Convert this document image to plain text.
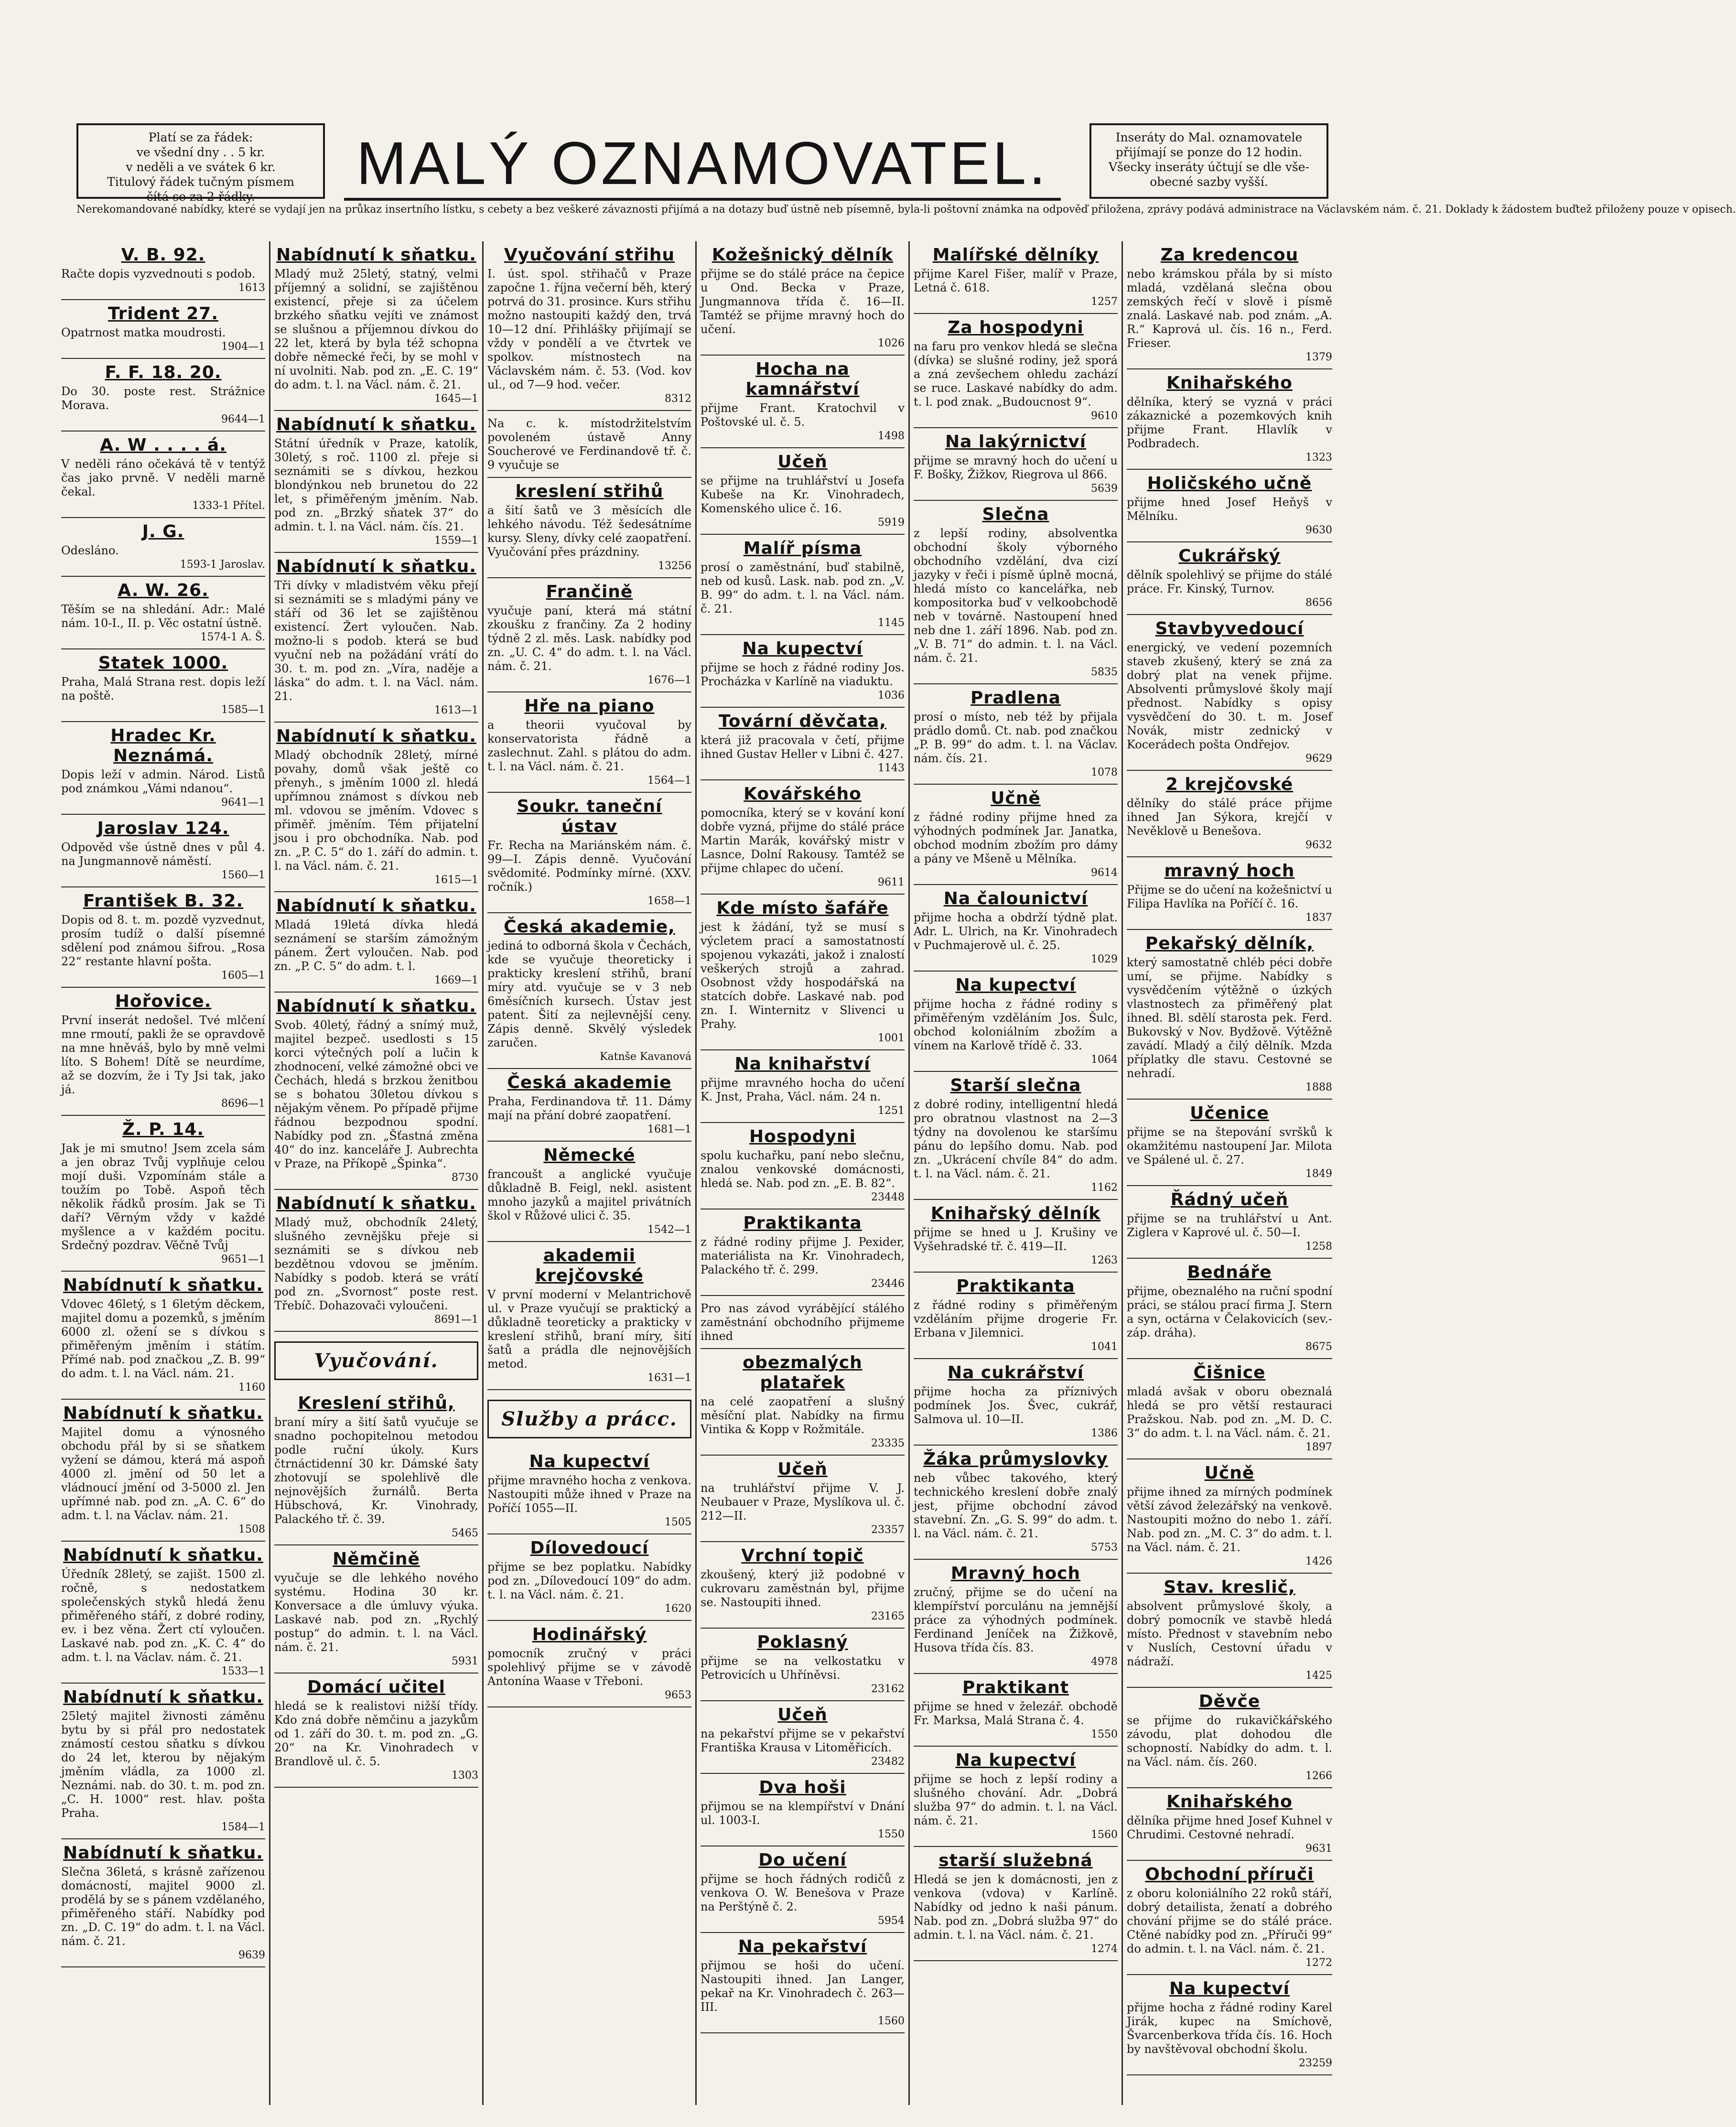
Platí se za řádek:
ve všední dny . . 5 kr.
v neděli a ve svátek 6 kr.
Titulový řádek tučným písmem
čítá se za 2 řádky.	MALÝ OZNAMOVATEL.	Inseráty do Mal. oznamovatele
přijímají se ponze do 12 hodin.
Všecky inseráty účtují se dle vše-
obecné sazby vyšší.
Nerekomandované nabídky, které se vydají jen na průkaz insertního lístku, s cebety a bez veškeré závaznosti přijímá a na dotazy buď ústně neb písemně, byla-li poštovní známka na odpověď přiložena, zprávy podává administrace na Václavském nám. č. 21. Doklady k žádostem buďtež přiloženy pouze v opisech.
V. B. 92.
Račte dopis vyzvednouti s podob.
1613
Trident 27.
Opatrnost matka moudrosti.
1904—1
F. F. 18. 20.
Do 30. poste rest. Strážnice Morava.
9644—1
A. W . . . . á.
V neděli ráno očekává tě v tentýž čas jako prvně. V neděli marně čekal.
1333-1 Přítel.
J. G.
Odesláno.
1593-1 Jaroslav.
A. W. 26.
Těším se na shledání. Adr.: Malé nám. 10-I., II. p. Věc ostatní ústně.
1574-1 A. Š.
Statek 1000.
Praha, Malá Strana rest. dopis leží na poště.
1585—1
Hradec Kr. Neznámá.
Dopis leží v admin. Národ. Listů pod známkou „Vámi ndanou“.
9641—1
Jaroslav 124.
Odpověd vše ústně dnes v půl 4. na Jungmannově náměstí.
1560—1
František B. 32.
Dopis od 8. t. m. pozdě vyzvednut, prosím tudíž o další písemné sdělení pod známou šifrou. „Rosa 22“ restante hlavní pošta.
1605—1
Hořovice.
První inserát nedošel. Tvé mlčení mne rmoutí, pakli že se opravdově na mne hněváš, bylo by mně velmi líto. S Bohem! Dítě se neurdíme, až se dozvím, že i Ty Jsi tak, jako já.
8696—1
Ž. P. 14.
Jak je mi smutno! Jsem zcela sám a jen obraz Tvůj vyplňuje celou mojí duši. Vzpomínám stále a toužím po Tobě. Aspoň těch několik řádků prosím. Jak se Ti daří? Věrným vždy v každé myšlence a v každém pocitu. Srdečný pozdrav. Věčně Tvůj
9651—1
Nabídnutí k sňatku.
Vdovec 46letý, s 1 6letým děckem, majitel domu a pozemků, s jměním 6000 zl. ožení se s dívkou s přiměřeným jměním i státím. Přímé nab. pod značkou „Z. B. 99“ do adm. t. l. na Václ. nám. 21.
1160
Nabídnutí k sňatku.
Majitel domu a výnosného obchodu přál by si se sňatkem vyžení se dámou, která má aspoň 4000 zl. jmění od 50 let a vládnoucí jmění od 3-5000 zl. Jen upřímné nab. pod zn. „A. C. 6“ do adm. t. l. na Václav. nám. 21.
1508
Nabídnutí k sňatku.
Úředník 28letý, se zajišt. 1500 zl. ročně, s nedostatkem společenských styků hledá ženu přiměřeného stáří, z dobré rodiny, ev. i bez věna. Žert ctí vyloučen. Laskavé nab. pod zn. „K. C. 4“ do adm. t. l. na Václav. nám. č. 21.
1533—1
Nabídnutí k sňatku.
25letý majitel živnosti záměnu bytu by si přál pro nedostatek známostí cestou sňatku s dívkou do 24 let, kterou by nějakým jměním vládla, za 1000 zl. Neznámi. nab. do 30. t. m. pod zn. „C. H. 1000“ rest. hlav. pošta Praha.
1584—1
Nabídnutí k sňatku.
Slečna 36letá, s krásně zařízenou domácností, majitel 9000 zl. prodělá by se s pánem vzdělaného, přiměřeného stáří. Nabídky pod zn. „D. C. 19“ do adm. t. l. na Václ. nám. č. 21.
9639
Nabídnutí k sňatku.
Mladý muž 25letý, statný, velmi příjemný a solidní, se zajištěnou existencí, přeje si za účelem brzkého sňatku vejíti ve známost se slušnou a příjemnou dívkou do 22 let, která by byla též schopna dobře německé řeči, by se mohl v ní uvolniti. Nab. pod zn. „E. C. 19“ do adm. t. l. na Václ. nám. č. 21.
1645—1
Nabídnutí k sňatku.
Státní úředník v Praze, katolík, 30letý, s roč. 1100 zl. přeje si seznámiti se s dívkou, hezkou blondýnkou neb brunetou do 22 let, s přiměřeným jměním. Nab. pod zn. „Brzký sňatek 37“ do admin. t. l. na Václ. nám. čís. 21.
1559—1
Nabídnutí k sňatku.
Tři dívky v mladistvém věku přejí si seznámiti se s mladými pány ve stáří od 36 let se zajištěnou existencí. Žert vyloučen. Nab. možno-li s podob. která se bud vyuční neb na požádání vrátí do 30. t. m. pod zn. „Víra, naděje a láska“ do adm. t. l. na Václ. nám. 21.
1613—1
Nabídnutí k sňatku.
Mladý obchodník 28letý, mírné povahy, domů však ještě co přenyh., s jměním 1000 zl. hledá upřímnou známost s dívkou neb ml. vdovou se jměním. Vdovec s přiměř. jměním. Tém přijatelní jsou i pro obchodníka. Nab. pod zn. „P. C. 5“ do 1. září do admin. t. l. na Václ. nám. č. 21.
1615—1
Nabídnutí k sňatku.
Mladá 19letá dívka hledá seznámení se starším zámožným pánem. Žert vyloučen. Nab. pod zn. „P. C. 5“ do adm. t. l.
1669—1
Nabídnutí k sňatku.
Svob. 40letý, řádný a snímý muž, majitel bezpeč. usedlosti s 15 korci výtečných polí a lučin k zhodnocení, velké zámožné obci ve Čechách, hledá s brzkou ženitbou se s bohatou 30letou dívkou s nějakým věnem. Po případě přijme řádnou bezpodnou spodní. Nabídky pod zn. „Šťastná změna 40“ do inz. kanceláře J. Aubrechta v Praze, na Příkopě „Špinka“.
8730
Nabídnutí k sňatku.
Mladý muž, obchodník 24letý, slušného zevnějšku přeje si seznámiti se s dívkou neb bezdětnou vdovou se jměním. Nabídky s podob. která se vrátí pod zn. „Svornost“ poste rest. Třebíč. Dohazovači vyloučeni.
8691—1
Vyučování.
Kreslení střihů,
braní míry a šití šatů vyučuje se snadno pochopitelnou metodou podle ruční úkoly. Kurs čtrnáctidenní 30 kr. Dámské šaty zhotovují se spolehlivě dle nejnovějších žurnálů. Berta Hübschová, Kr. Vinohrady, Palackého tř. č. 39.
5465
Němčině
vyučuje se dle lehkého nového systému. Hodina 30 kr. Konversace a dle úmluvy výuka. Laskavé nab. pod zn. „Rychlý postup“ do admin. t. l. na Václ. nám. č. 21.
5931
Domácí učitel
hledá se k realistovi nižší třídy. Kdo zná dobře němčinu a jazykům od 1. září do 30. t. m. pod zn. „G. 20“ na Kr. Vinohradech v Brandlově ul. č. 5.
1303
Vyučování střihu
I. úst. spol. střihačů v Praze započne 1. října večerní běh, který potrvá do 31. prosince. Kurs střihu možno nastoupiti každý den, trvá 10—12 dní. Přihlášky přijímají se vždy v pondělí a ve čtvrtek ve spolkov. místnostech na Václavském nám. č. 53. (Vod. kov ul., od 7—9 hod. večer.
8312
Na c. k. místodržitelstvím povoleném ústavě Anny Soucherové ve Ferdinandově tř. č. 9 vyučuje se
kreslení střihů
a šití šatů ve 3 měsících dle lehkého návodu. Též šedesátníme kursy. Sleny, dívky celé zaopatření. Vyučování přes prázdniny.
13256
Frančině
vyučuje paní, která má státní zkoušku z frančiny. Za 2 hodiny týdně 2 zl. měs. Lask. nabídky pod zn. „U. C. 4“ do adm. t. l. na Václ. nám. č. 21.
1676—1
Hře na piano
a theorii vyučoval by konservatorista řádně a zaslechnut. Zahl. s plátou do adm. t. l. na Václ. nám. č. 21.
1564—1
Soukr. taneční ústav
Fr. Recha na Mariánském nám. č. 99—I. Zápis denně. Vyučování svědomité. Podmínky mírné. (XXV. ročník.)
1658—1
Česká akademie,
jediná to odborná škola v Čechách, kde se vyučuje theoreticky i prakticky kreslení střihů, braní míry atd. vyučuje se v 3 neb 6měsíčních kursech. Ústav jest patent. Šití za nejlevnější ceny. Zápis denně. Skvělý výsledek zaručen.
Katnše Kavanová
Česká akademie
Praha, Ferdinandova tř. 11. Dámy mají na přání dobré zaopatření.
1681—1
Německé
francoušt a anglické vyučuje důkladně B. Feigl, nekl. asistent mnoho jazyků a majitel privátních škol v Růžové ulici č. 35.
1542—1
akademii krejčovské
V první moderní v Melantrichově ul. v Praze vyučují se praktický a důkladně teoreticky a prakticky v kreslení střihů, braní míry, šití šatů a prádla dle nejnovějších metod.
1631—1
Služby a prácc.
Na kupectví
přijme mravného hocha z venkova. Nastoupiti může ihned v Praze na Poříčí 1055—II.
1505
Dílovedoucí
přijme se bez poplatku. Nabídky pod zn. „Dílovedoucí 109“ do adm. t. l. na Václ. nám. č. 21.
1620
Hodinářský
pomocník zručný v práci spolehlivý přijme se v závodě Antonína Waase v Třeboni.
9653
Kožešnický dělník
přijme se do stálé práce na čepice u Ond. Becka v Praze, Jungmannova třída č. 16—II. Tamtéž se přijme mravný hoch do učení.
1026
Hocha na kamnářství
přijme Frant. Kratochvil v Poštovské ul. č. 5.
1498
Učeň
se přijme na truhlářství u Josefa Kubeše na Kr. Vinohradech, Komenského ulice č. 16.
5919
Malíř písma
prosí o zaměstnání, buď stabilně, neb od kusů. Lask. nab. pod zn. „V. B. 99“ do adm. t. l. na Václ. nám. č. 21.
1145
Na kupectví
přijme se hoch z řádné rodiny Jos. Procházka v Karlíně na viaduktu.
1036
Tovární děvčata,
která již pracovala v četí, přijme ihned Gustav Heller v Libni č. 427.
1143
Kovářského
pomocníka, který se v kování koní dobře vyzná, přijme do stálé práce Martin Marák, kovářský mistr v Lasnce, Dolní Rakousy. Tamtéž se přijme chlapec do učení.
9611
Kde místo šafáře
jest k žádání, tyž se musí s výcletem prací a samostatností spojenou vykazáti, jakož i znalostí veškerých strojů a zahrad. Osobnost vždy hospodářská na statcích dobře. Laskavé nab. pod zn. I. Winternitz v Slivenci u Prahy.
1001
Na knihařství
přijme mravného hocha do učení K. Jnst, Praha, Václ. nám. 24 n.
1251
Hospodyni
spolu kuchařku, paní nebo slečnu, znalou venkovské domácnosti, hledá se. Nab. pod zn. „E. B. 82“.
23448
Praktikanta
z řádné rodiny přijme J. Pexider, materiálista na Kr. Vinohradech, Palackého tř. č. 299.
23446
Pro nas závod vyrábějící stálého zaměstnání obchodního přijmeme ihned
obezmalých platařek
na celé zaopatření a slušný měsíční plat. Nabídky na firmu Vintika & Kopp v Rožmitále.
23335
Učeň
na truhlářství přijme V. J. Neubauer v Praze, Myslíkova ul. č. 212—II.
23357
Vrchní topič
zkoušený, který již podobné v cukrovaru zaměstnán byl, přijme se. Nastoupiti ihned.
23165
Poklasný
přijme se na velkostatku v Petrovicích u Uhříněvsi.
23162
Učeň
na pekařství přijme se v pekařství Františka Krausa v Litoměřicích.
23482
Dva hoši
přijmou se na klempířství v Dnání ul. 1003-I.
1550
Do učení
přijme se hoch řádných rodičů z venkova O. W. Benešova v Praze na Perštýně č. 2.
5954
Na pekařství
přijmou se hoši do učení. Nastoupiti ihned. Jan Langer, pekař na Kr. Vinohradech č. 263—III.
1560
Malířské dělníky
přijme Karel Fišer, malíř v Praze, Letná č. 618.
1257
Za hospodyni
na faru pro venkov hledá se slečna (dívka) se slušné rodiny, jež sporá a zná zevšechem ohledu zachází se ruce. Laskavé nabídky do adm. t. l. pod znak. „Budoucnost 9“.
9610
Na lakýrnictví
přijme se mravný hoch do učení u F. Bošky, Žižkov, Riegrova ul 866.
5639
Slečna
z lepší rodiny, absolventka obchodní školy výborného obchodního vzdělání, dva cizí jazyky v řeči i písmě úplně mocná, hledá místo co kancelářka, neb kompositorka buď v velkoobchodě neb v továrně. Nastoupení hned neb dne 1. září 1896. Nab. pod zn. „V. B. 71“ do admin. t. l. na Václ. nám. č. 21.
5835
Pradlena
prosí o místo, neb též by přijala prádlo domů. Ct. nab. pod značkou „P. B. 99“ do adm. t. l. na Václav. nám. čís. 21.
1078
Učně
z řádné rodiny přijme hned za výhodných podmínek Jar. Janatka, obchod modním zbožím pro dámy a pány ve Mšeně u Mělníka.
9614
Na čalounictví
přijme hocha a obdrží týdně plat. Adr. L. Ulrich, na Kr. Vinohradech v Puchmajerově ul. č. 25.
1029
Na kupectví
přijme hocha z řádné rodiny s přiměřeným vzděláním Jos. Šulc, obchod koloniálním zbožím a vínem na Karlově třídě č. 33.
1064
Starší slečna
z dobré rodiny, intelligentní hledá pro obratnou vlastnost na 2—3 týdny na dovolenou ke staršímu pánu do lepšího domu. Nab. pod zn. „Ukrácení chvíle 84“ do adm. t. l. na Václ. nám. č. 21.
1162
Knihařský dělník
přijme se hned u J. Krušiny ve Vyšehradské tř. č. 419—II.
1263
Praktikanta
z řádné rodiny s přiměřeným vzděláním přijme drogerie Fr. Erbana v Jilemnici.
1041
Na cukrářství
přijme hocha za příznivých podmínek Jos. Švec, cukrář, Salmova ul. 10—II.
1386
Žáka průmyslovky
neb vůbec takového, který technického kreslení dobře znalý jest, přijme obchodní závod stavební. Zn. „G. S. 99“ do adm. t. l. na Václ. nám. č. 21.
5753
Mravný hoch
zručný, přijme se do učení na klempířství porculánu na jemnější práce za výhodných podmínek. Ferdinand Jeníček na Žižkově, Husova třída čís. 83.
4978
Praktikant
přijme se hned v železář. obchodě Fr. Marksa, Malá Strana č. 4.
1550
Na kupectví
přijme se hoch z lepší rodiny a slušného chování. Adr. „Dobrá služba 97“ do admin. t. l. na Václ. nám. č. 21.
1560
starší služebná
Hledá se jen k domácnosti, jen z venkova (vdova) v Karlíně. Nabídky od jedno k naši pánum. Nab. pod zn. „Dobrá služba 97“ do admin. t. l. na Václ. nám. č. 21.
1274
Za kredencou
nebo krámskou přála by si místo mladá, vzdělaná slečna obou zemských řečí v slově i písmě znalá. Laskavé nab. pod znám. „A. R.“ Kaprová ul. čís. 16 n., Ferd. Frieser.
1379
Knihařského
dělníka, který se vyzná v práci zákaznické a pozemkových knih přijme Frant. Hlavlík v Podbradech.
1323
Holičského učně
přijme hned Josef Heňyš v Mělníku.
9630
Cukrářský
dělník spolehlivý se přijme do stálé práce. Fr. Kinský, Turnov.
8656
Stavbyvedoucí
energický, ve vedení pozemních staveb zkušený, který se zná za dobrý plat na venek přijme. Absolventi průmyslové školy mají přednost. Nabídky s opisy vysvědčení do 30. t. m. Josef Novák, mistr zednický v Kocerádech pošta Ondřejov.
9629
2 krejčovské
dělníky do stálé práce přijme ihned Jan Sýkora, krejčí v Nevěklově u Benešova.
9632
mravný hoch
Přijme se do učení na kožešnictví u Filipa Havlíka na Poříčí č. 16.
1837
Pekařský dělník,
který samostatně chléb péci dobře umí, se přijme. Nabídky s vysvědčením výtěžně o úzkých vlastnostech za přiměřený plat ihned. Bl. sdělí starosta pek. Ferd. Bukovský v Nov. Bydžově. Výtěžně zavádí. Mladý a čilý dělník. Mzda příplatky dle stavu. Cestovné se nehradí.
1888
Učenice
přijme se na štepování svršků k okamžitému nastoupení Jar. Milota ve Spálené ul. č. 27.
1849
Řádný učeň
přijme se na truhlářství u Ant. Ziglera v Kaprové ul. č. 50—I.
1258
Bednáře
přijme, obeznalého na ruční spodní práci, se stálou prací firma J. Stern a syn, octárna v Čelakovicích (sev.-záp. dráha).
8675
Čišnice
mladá avšak v oboru obeznalá hledá se pro větší restauraci Pražskou. Nab. pod zn. „M. D. C. 3“ do adm. t. l. na Václ. nám. č. 21.
1897
Učně
přijme ihned za mírných podmínek větší závod železářský na venkově. Nastoupiti možno do nebo 1. září. Nab. pod zn. „M. C. 3“ do adm. t. l. na Václ. nám. č. 21.
1426
Stav. kreslič,
absolvent průmyslové školy, a dobrý pomocník ve stavbě hledá místo. Přednost v stavebním nebo v Nuslích, Cestovní úřadu v nádraží.
1425
Děvče
se přijme do rukavičkářského závodu, plat dohodou dle schopností. Nabídky do adm. t. l. na Václ. nám. čís. 260.
1266
Knihařského
dělníka přijme hned Josef Kuhnel v Chrudimi. Cestovné nehradí.
9631
Obchodní příruči
z oboru koloniálního 22 roků stáří, dobrý detailista, ženatí a dobrého chování přijme se do stálé práce. Ctěné nabídky pod zn. „Příruči 99“ do admin. t. l. na Václ. nám. č. 21.
1272
Na kupectví
přijme hocha z řádné rodiny Karel Jirák, kupec na Smíchově, Švarcenberkova třída čís. 16. Hoch by navštěvoval obchodní školu.
23259
